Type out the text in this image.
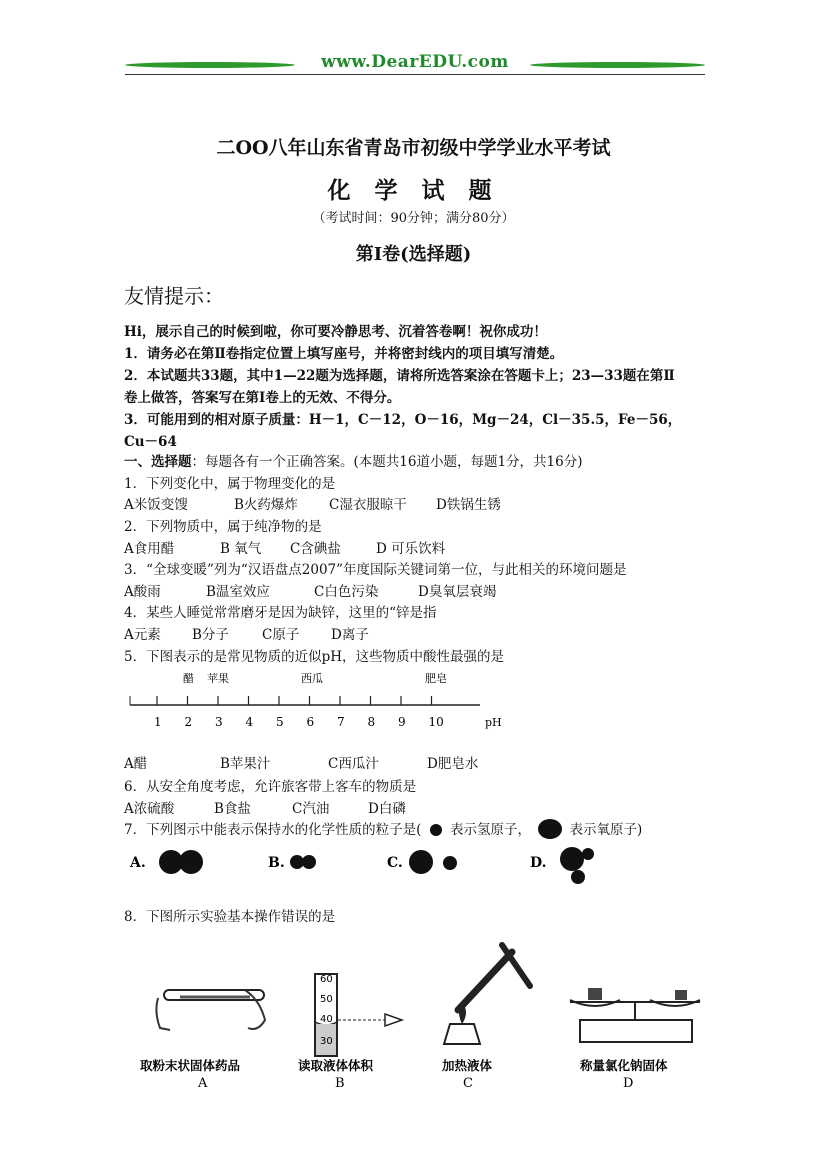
www.DearEDU.com
二OO八年山东省青岛市初级中学学业水平考试
化 学 试 题
（考试时间：90分钟；满分80分）
第Ⅰ卷(选择题)
友情提示：
Hi，展示自己的时候到啦，你可要冷静思考、沉着答卷啊！祝你成功！
1．请务必在第Ⅱ卷指定位置上填写座号，并将密封线内的项目填写清楚。
2．本试题共33题，其中1—22题为选择题，请将所选答案涂在答题卡上；23—33题在第Ⅱ
卷上做答，答案写在第Ⅰ卷上的无效、不得分。
3．可能用到的相对原子质量：H－1，C－12，O－16，Mg－24，Cl－35.5，Fe－56，
Cu－64
一、选择题：每题各有一个正确答案。(本题共16道小题，每题1分，共16分)
1．下列变化中，属于物理变化的是
A米饭变馊	B火药爆炸 C湿衣服晾干 D铁锅生锈
2．下列物质中，属于纯净物的是
A食用醋	B 氧气 C含碘盐	D 可乐饮料
3．“全球变暖”列为“汉语盘点2007”年度国际关键词第一位，与此相关的环境问题是
A酸雨	B温室效应	C白色污染	D臭氧层衰竭
4．某些人睡觉常常磨牙是因为缺锌，这里的“锌是指
A元素 B分子 C原子 D离子
5．下图表示的是常见物质的近似pH，这些物质中酸性最强的是
醋 苹果	西瓜	肥皂
1 2 3 4 5 6 7 8 9 10	pH
A醋	B苹果汁	C西瓜汁	D肥皂水
6．从安全角度考虑，允许旅客带上客车的物质是
A浓硫酸	B食盐	C汽油	D白磷
7．下列图示中能表示保持水的化学性质的粒子是( 表示氢原子，	表示氧原子)
A.	B.	C.	D.
8．下图所示实验基本操作错误的是
取粉末状固体药品
A
60
50
40
30
读取液体体积
B
加热液体
C
称量氯化钠固体
D
